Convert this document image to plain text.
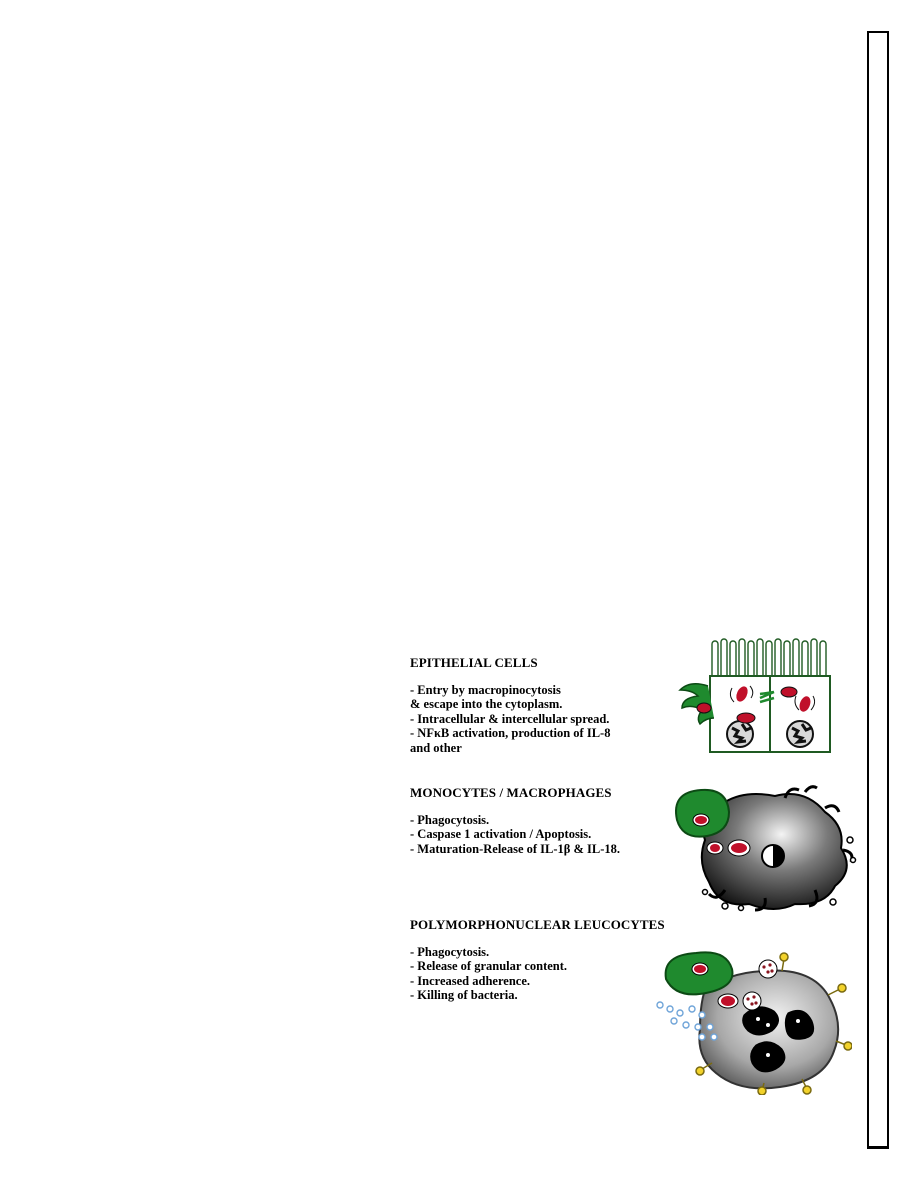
EPITHELIAL CELLS
- Entry by macropinocytosis
& escape into the cytoplasm.
- Intracellular & intercellular spread.
- NFκB activation, production of IL-8
and other
MONOCYTES / MACROPHAGES
- Phagocytosis.
- Caspase 1 activation / Apoptosis.
- Maturation-Release of IL-1β & IL-18.
POLYMORPHONUCLEAR LEUCOCYTES
- Phagocytosis.
- Release of granular content.
- Increased adherence.
- Killing of bacteria.
